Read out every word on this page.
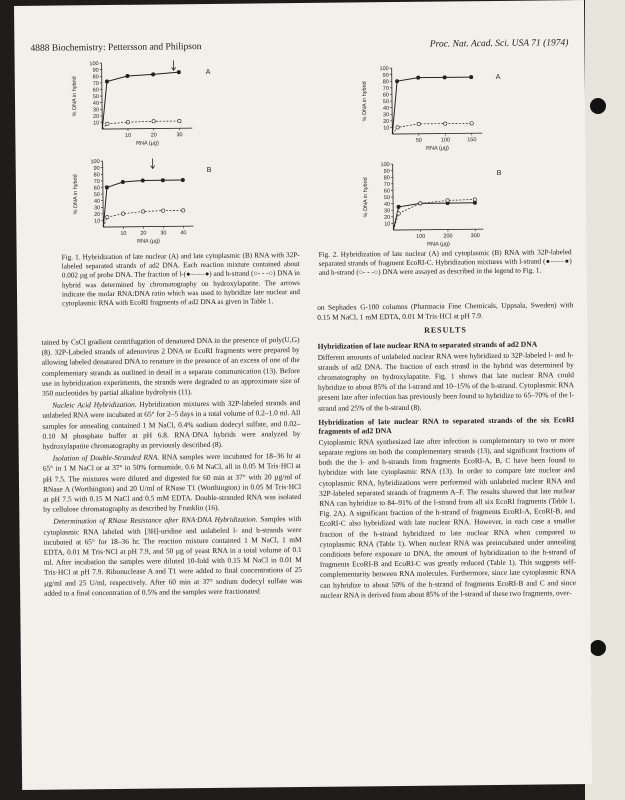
4888 Biochemistry: Pettersson and Philipson	Proc. Nat. Acad. Sci. USA 71 (1974)
10
20
30
40
50
60
70
80
90
100
10	20	30
RNA (µg)
% DNA in hybrid
A
10
20
30
40
50
60
70
80
90
100
10	20	30	40
RNA (µg)
% DNA in hybrid
B
10
20
30
40
50
60
70
80
90
100
50	100	150
RNA (µg)
% DNA in hybrid
A
10
20
30
40
50
60
70
80
90
100
100	200	300
RNA (µg)
% DNA in hybrid
B
Fig. 1. Hybridization of late nuclear (A) and late cytoplasmic (B) RNA with 32P-labeled separated strands of ad2 DNA. Each reaction mixture contained about 0.002 µg of probe DNA. The fraction of l-(●——●) and h-strand (○- - -○) DNA in hybrid was determined by chromatography on hydroxylapatite. The arrows indicate the molar RNA:DNA ratio which was used to hybridize late nuclear and cytoplasmic RNA with EcoRI fragments of ad2 DNA as given in Table 1.
Fig. 2. Hybridization of late nuclear (A) and cytoplasmic (B) RNA with 32P-labeled separated strands of fragment EcoRI-C. Hybridization mixtures with l-strand (●——●) and h-strand (○- - -○) DNA were assayed as described in the legend to Fig. 1.

tained by CsCl gradient centrifugation of denatured DNA in the presence of poly(U,G) (8). 32P-Labeled strands of adenovirus 2 DNA or EcoRI fragments were prepared by allowing labeled denatured DNA to renature in the presence of an excess of one of the complementary strands as outlined in detail in a separate communication (13). Before use in hybridization experiments, the strands were degraded to an approximate size of 350 nucleotides by partial alkaline hydrolysis (11).

Nucleic Acid Hybridization. Hybridization mixtures with 32P-labeled strands and unlabeled RNA were incubated at 65° for 2–5 days in a total volume of 0.2–1.0 ml. All samples for annealing contained 1 M NaCl, 0.4% sodium dodecyl sulfate, and 0.02–0.10 M phosphate buffer at pH 6.8. RNA·DNA hybrids were analyzed by hydroxylapatite chromatography as previously described (8).

Isolation of Double-Stranded RNA. RNA samples were incubated for 18–36 hr at 65° in 1 M NaCl or at 37° in 50% formamide, 0.6 M NaCl, all in 0.05 M Tris·HCl at pH 7.5. The mixtures were diluted and digested for 60 min at 37° with 20 µg/ml of RNase A (Worthington) and 20 U/ml of RNase T1 (Worthington) in 0.05 M Tris·HCl at pH 7.5 with 0.15 M NaCl and 0.5 mM EDTA. Double-stranded RNA was isolated by cellulose chromatography as described by Franklin (16).

Determination of RNase Resistance after RNA·DNA Hybridization. Samples with cytoplasmic RNA labeled with [3H]-uridine and unlabeled l- and h-strands were incubated at 65° for 18–36 hr. The reaction mixture contained 1 M NaCl, 1 mM EDTA, 0.01 M Tris·NCl at pH 7.9, and 50 µg of yeast RNA in a total volume of 0.1 ml. After incubation the samples were diluted 10-fold with 0.15 M NaCl in 0.01 M Tris·HCl at pH 7.9. Ribonuclease A and T1 were added to final concentrations of 25 µg/ml and 25 U/ml, respectively. After 60 min at 37° sodium dodecyl sulfate was added to a final concentration of 0.5% and the samples were fractionated

on Sephadex G-100 columns (Pharmacia Fine Chemicals, Uppsala, Sweden) with 0.15 M NaCl, 1 mM EDTA, 0.01 M Tris·HCl at pH 7.9.

RESULTS
Hybridization of late nuclear RNA to separated strands of ad2 DNA

Different amounts of unlabeled nuclear RNA were hybridized to 32P-labeled l- and h-strands of ad2 DNA. The fraction of each strand in the hybrid was determined by chromatography on hydroxylapatite. Fig. 1 shows that late nuclear RNA could hybridize to about 85% of the l-strand and 10–15% of the h-strand. Cytoplasmic RNA present late after infection has previously been found to hybridize to 65–70% of the l-strand and 25% of the h-strand (8).

Hybridization of late nuclear RNA to separated strands of the six EcoRI fragments of ad2 DNA

Cytoplasmic RNA synthesized late after infection is complementary to two or more separate regions on both the complementary strands (13), and significant fractions of both the the l- and h-strands from fragments EcoRI-A, B, C have been found to hybridize with late cytoplasmic RNA (13). In order to compare late nuclear and cytoplasmic RNA, hybridizations were performed with unlabeled nuclear RNA and 32P-labeled separated strands of fragments A–F. The results showed that late nuclear RNA can hybridize to 84–91% of the l-strand from all six EcoRI fragments (Table 1, Fig. 2A). A significant fraction of the h-strand of fragments EcoRI-A, EcoRI-B, and EcoRI-C also hybridized with late nuclear RNA. However, in each case a smaller fraction of the h-strand hybridized to late nuclear RNA when compared to cytoplasmic RNA (Table 1). When nuclear RNA was preincubated under annealing conditions before exposure to DNA, the amount of hybridization to the h-strand of fragments EcoRI-B and EcoRI-C was greatly reduced (Table 1). This suggests self-complementarity between RNA molecules. Furthermore, since late cytoplasmic RNA can hybridize to about 50% of the h-strand of fragments EcoRI-B and C and since nuclear RNA is derived from about 85% of the l-strand of these two fragments, over-
